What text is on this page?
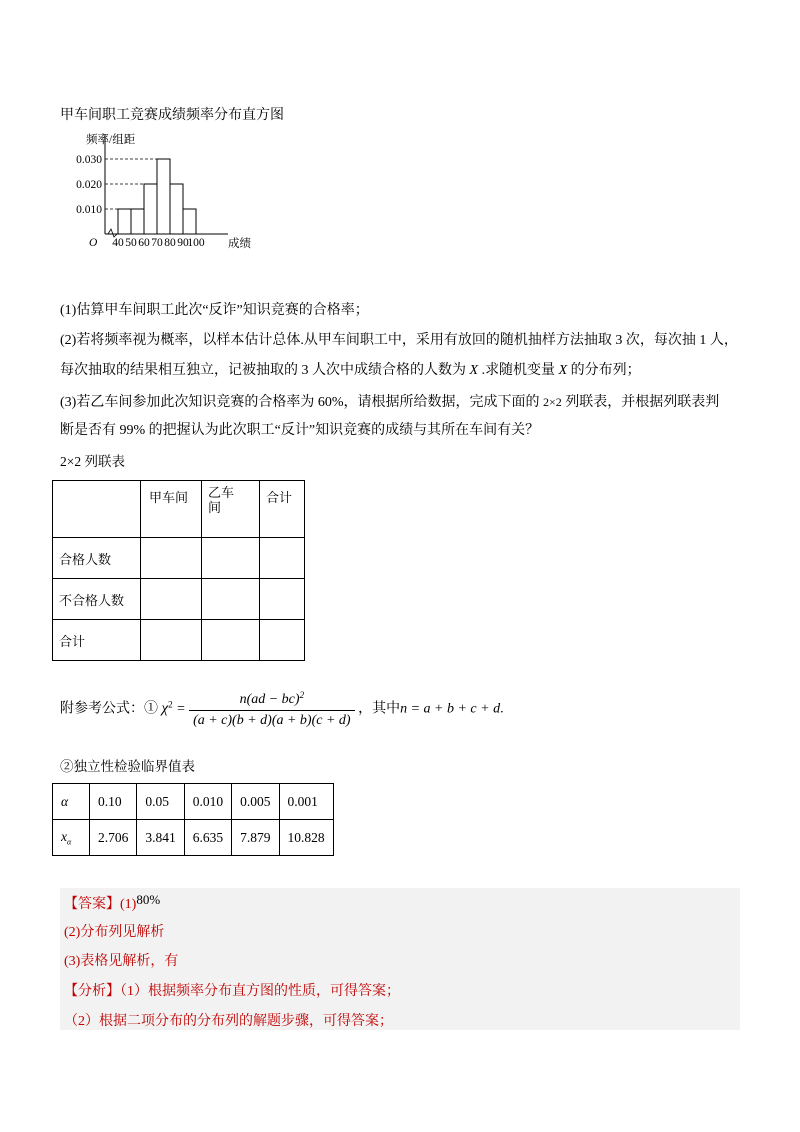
甲车间职工竞赛成绩频率分布直方图
频率/组距
O
0.010
0.020
0.030
40 50 60 70 80 90
100 成绩
(1)估算甲车间职工此次“反诈”知识竞赛的合格率；
(2)若将频率视为概率，以样本估计总体.从甲车间职工中，采用有放回的随机抽样方法抽取 3 次，每次抽 1 人，
每次抽取的结果相互独立，记被抽取的 3 人次中成绩合格的人数为 X .求随机变量 X 的分布列；
(3)若乙车间参加此次知识竞赛的合格率为 60%，请根据所给数据，完成下面的 2×2 列联表，并根据列联表判
断是否有 99% 的把握认为此次职工“反计”知识竞赛的成绩与其所在车间有关？
2×2 列联表
	甲车间	乙车
间	合计
合格人数			
不合格人数			
合计			
附参考公式：① $\chi^2 = \frac{n(ad - bc)^2}{(a + c)(b + d)(a + b)(c + d)}$ ，其中n = a + b + c + d.
②独立性检验临界值表
α	0.10	0.05	0.010	0.005	0.001
$x_\alpha$	2.706	3.841	6.635	7.879	10.828
【答案】(1)80%
(2)分布列见解析
(3)表格见解析，有
【分析】（1）根据频率分布直方图的性质，可得答案；
（2）根据二项分布的分布列的解题步骤，可得答案；
